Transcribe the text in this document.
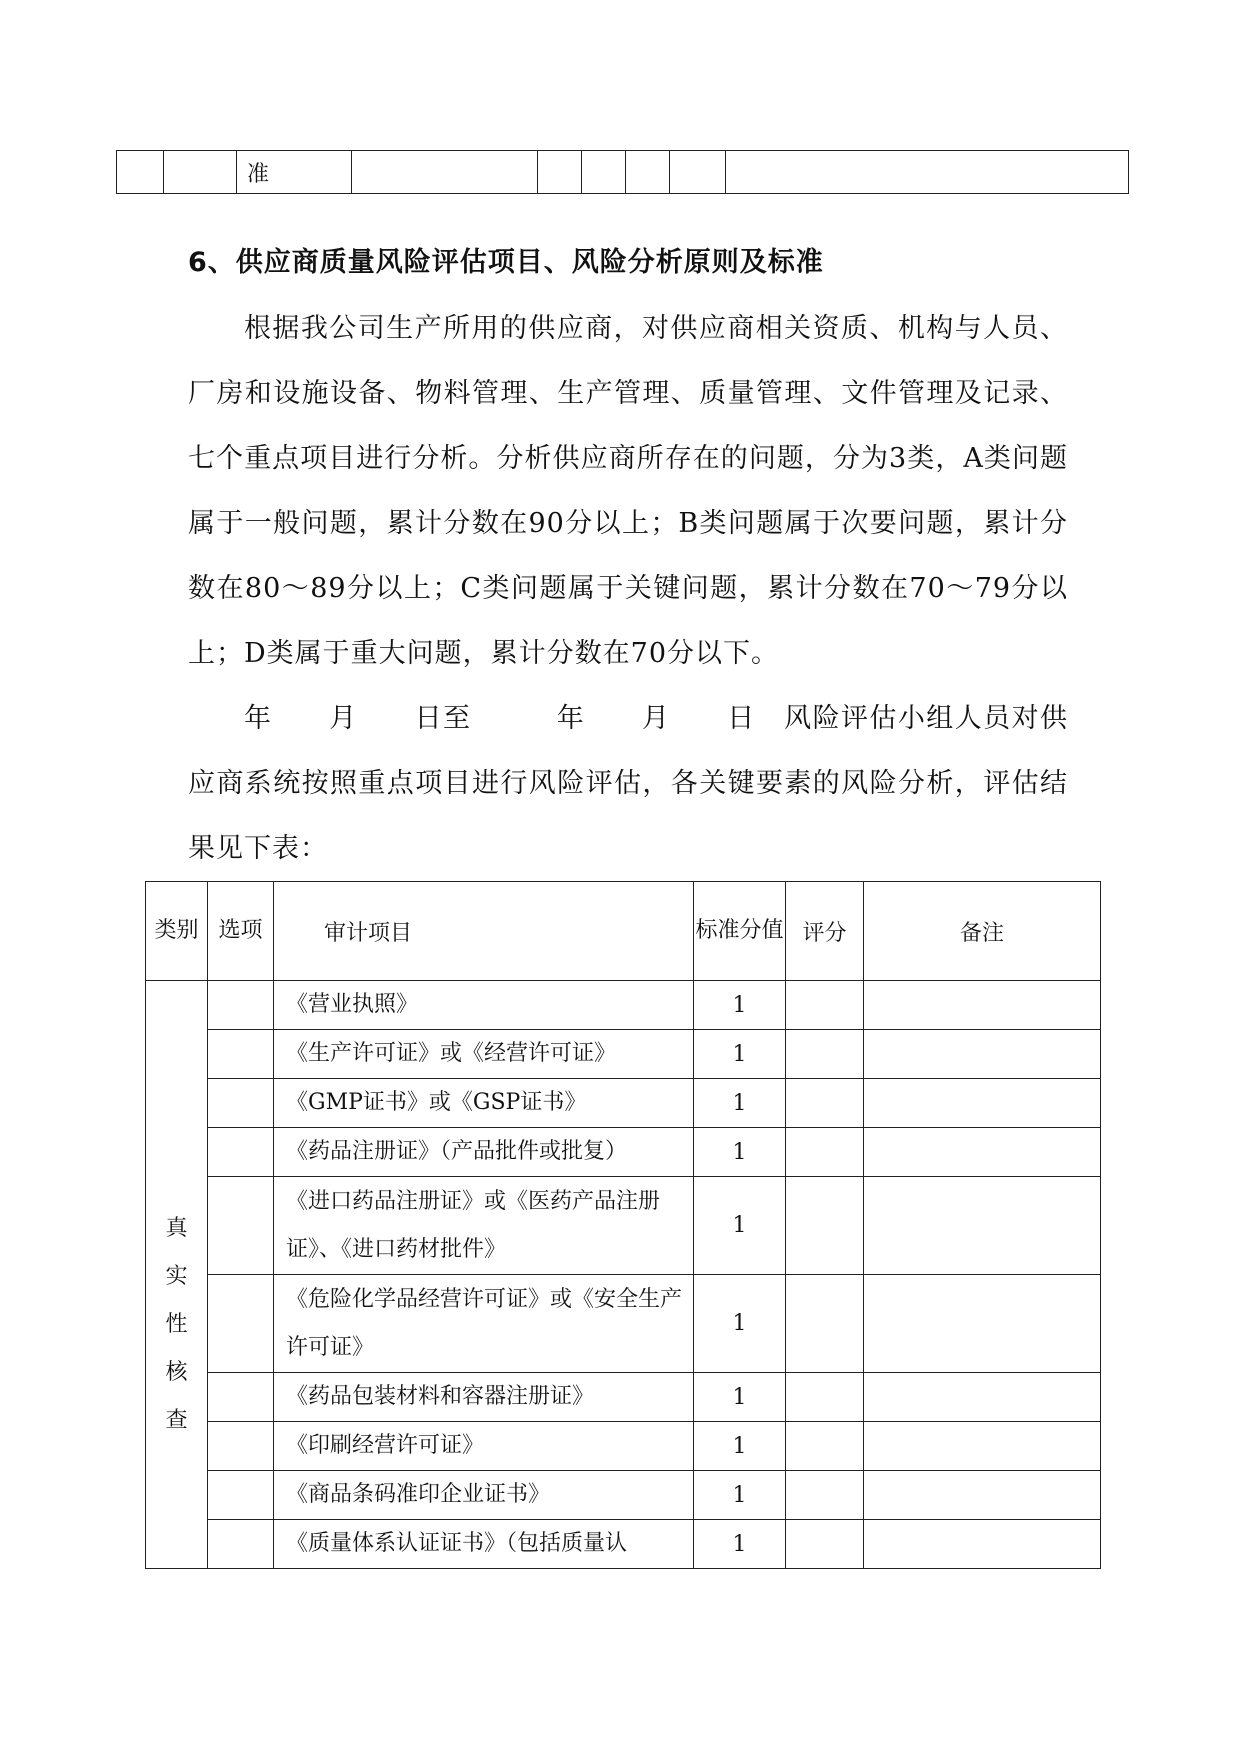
		准						
6、供应商质量风险评估项目、风险分析原则及标准

根据我公司生产所用的供应商，对供应商相关资质、机构与人员、厂房和设施设备、物料管理、生产管理、质量管理、文件管理及记录、七个重点项目进行分析。分析供应商所存在的问题，分为3类，A类问题属于一般问题，累计分数在90分以上；B类问题属于次要问题，累计分数在80～89分以上；C类问题属于关键问题，累计分数在70～79分以上；D类属于重大问题，累计分数在70分以下。

年　　月　　日至　　　年　　月　　日　风险评估小组人员对供应商系统按照重点项目进行风险评估，各关键要素的风险分析，评估结果见下表：

类别	选项	审计项目	标准分值	评分	备注

真实性核查		《营业执照》	1		
		《生产许可证》或《经营许可证》	1		
		《GMP证书》或《GSP证书》	1		
		《药品注册证》（产品批件或批复）	1		
		《进口药品注册证》或《医药产品注册证》、《进口药材批件》	1		
		《危险化学品经营许可证》或《安全生产许可证》	1		
		《药品包装材料和容器注册证》	1		
		《印刷经营许可证》	1		
		《商品条码准印企业证书》	1		
		《质量体系认证证书》（包括质量认	1		
